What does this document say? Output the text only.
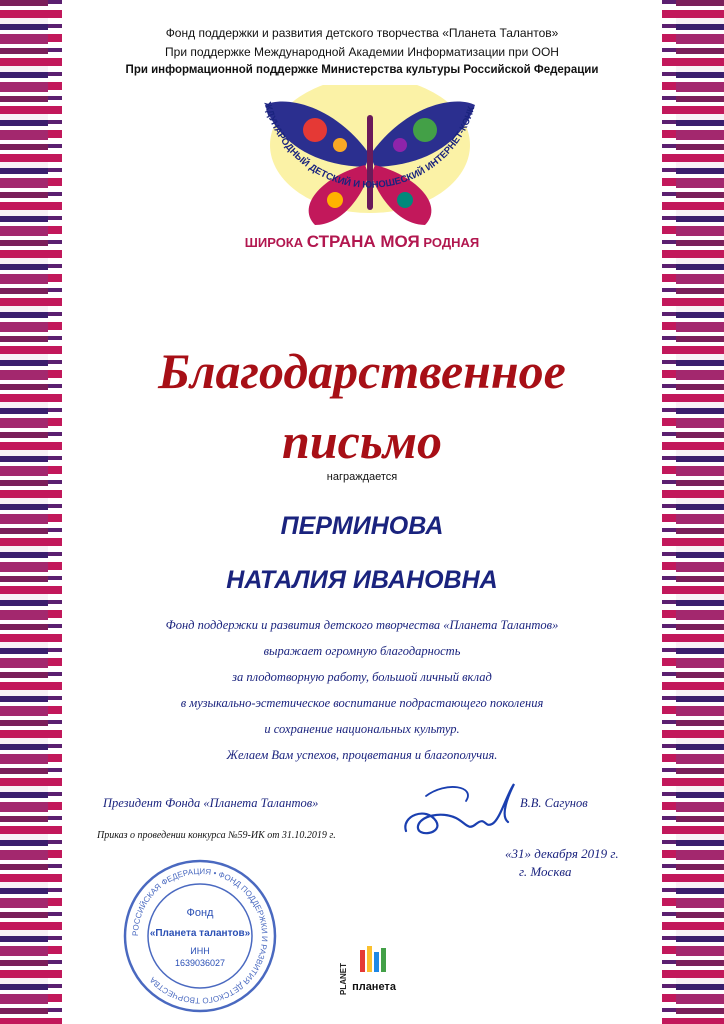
Фонд поддержки и развития детского творчества «Планета Талантов»
При поддержке Международной Академии Информатизации при ООН
При информационной поддержке Министерства культуры Российской Федерации
ЖДУНАРОДНЫЙ ДЕТСКИЙ И ЮНОШЕСКИЙ ИНТЕРНЕТ-КОНК
ШИРОКА СТРАНА МОЯ РОДНАЯ
Благодарственное
письмо
награждается
ПЕРМИНОВА
НАТАЛИЯ ИВАНОВНА
Фонд поддержки и развития детского творчества «Планета Талантов»
выражает огромную благодарность
за плодотворную работу, большой личный вклад
в музыкально-эстетическое воспитание подрастающего поколения
и сохранение национальных культур.
Желаем Вам успехов, процветания и благополучия.
Президент Фонда «Планета Талантов»	В.В. Сагунов
Приказ о проведении конкурса №59-ИК от 31.10.2019 г.
«31» декабря 2019 г.
г. Москва
РОССИЙСКАЯ ФЕДЕРАЦИЯ • ФОНД ПОДДЕРЖКИ И РАЗВИТИЯ ДЕТСКОГО ТВОРЧЕСТВА
Фонд
«Планета талантов»
ИНН
1639036027	PLANET планета
